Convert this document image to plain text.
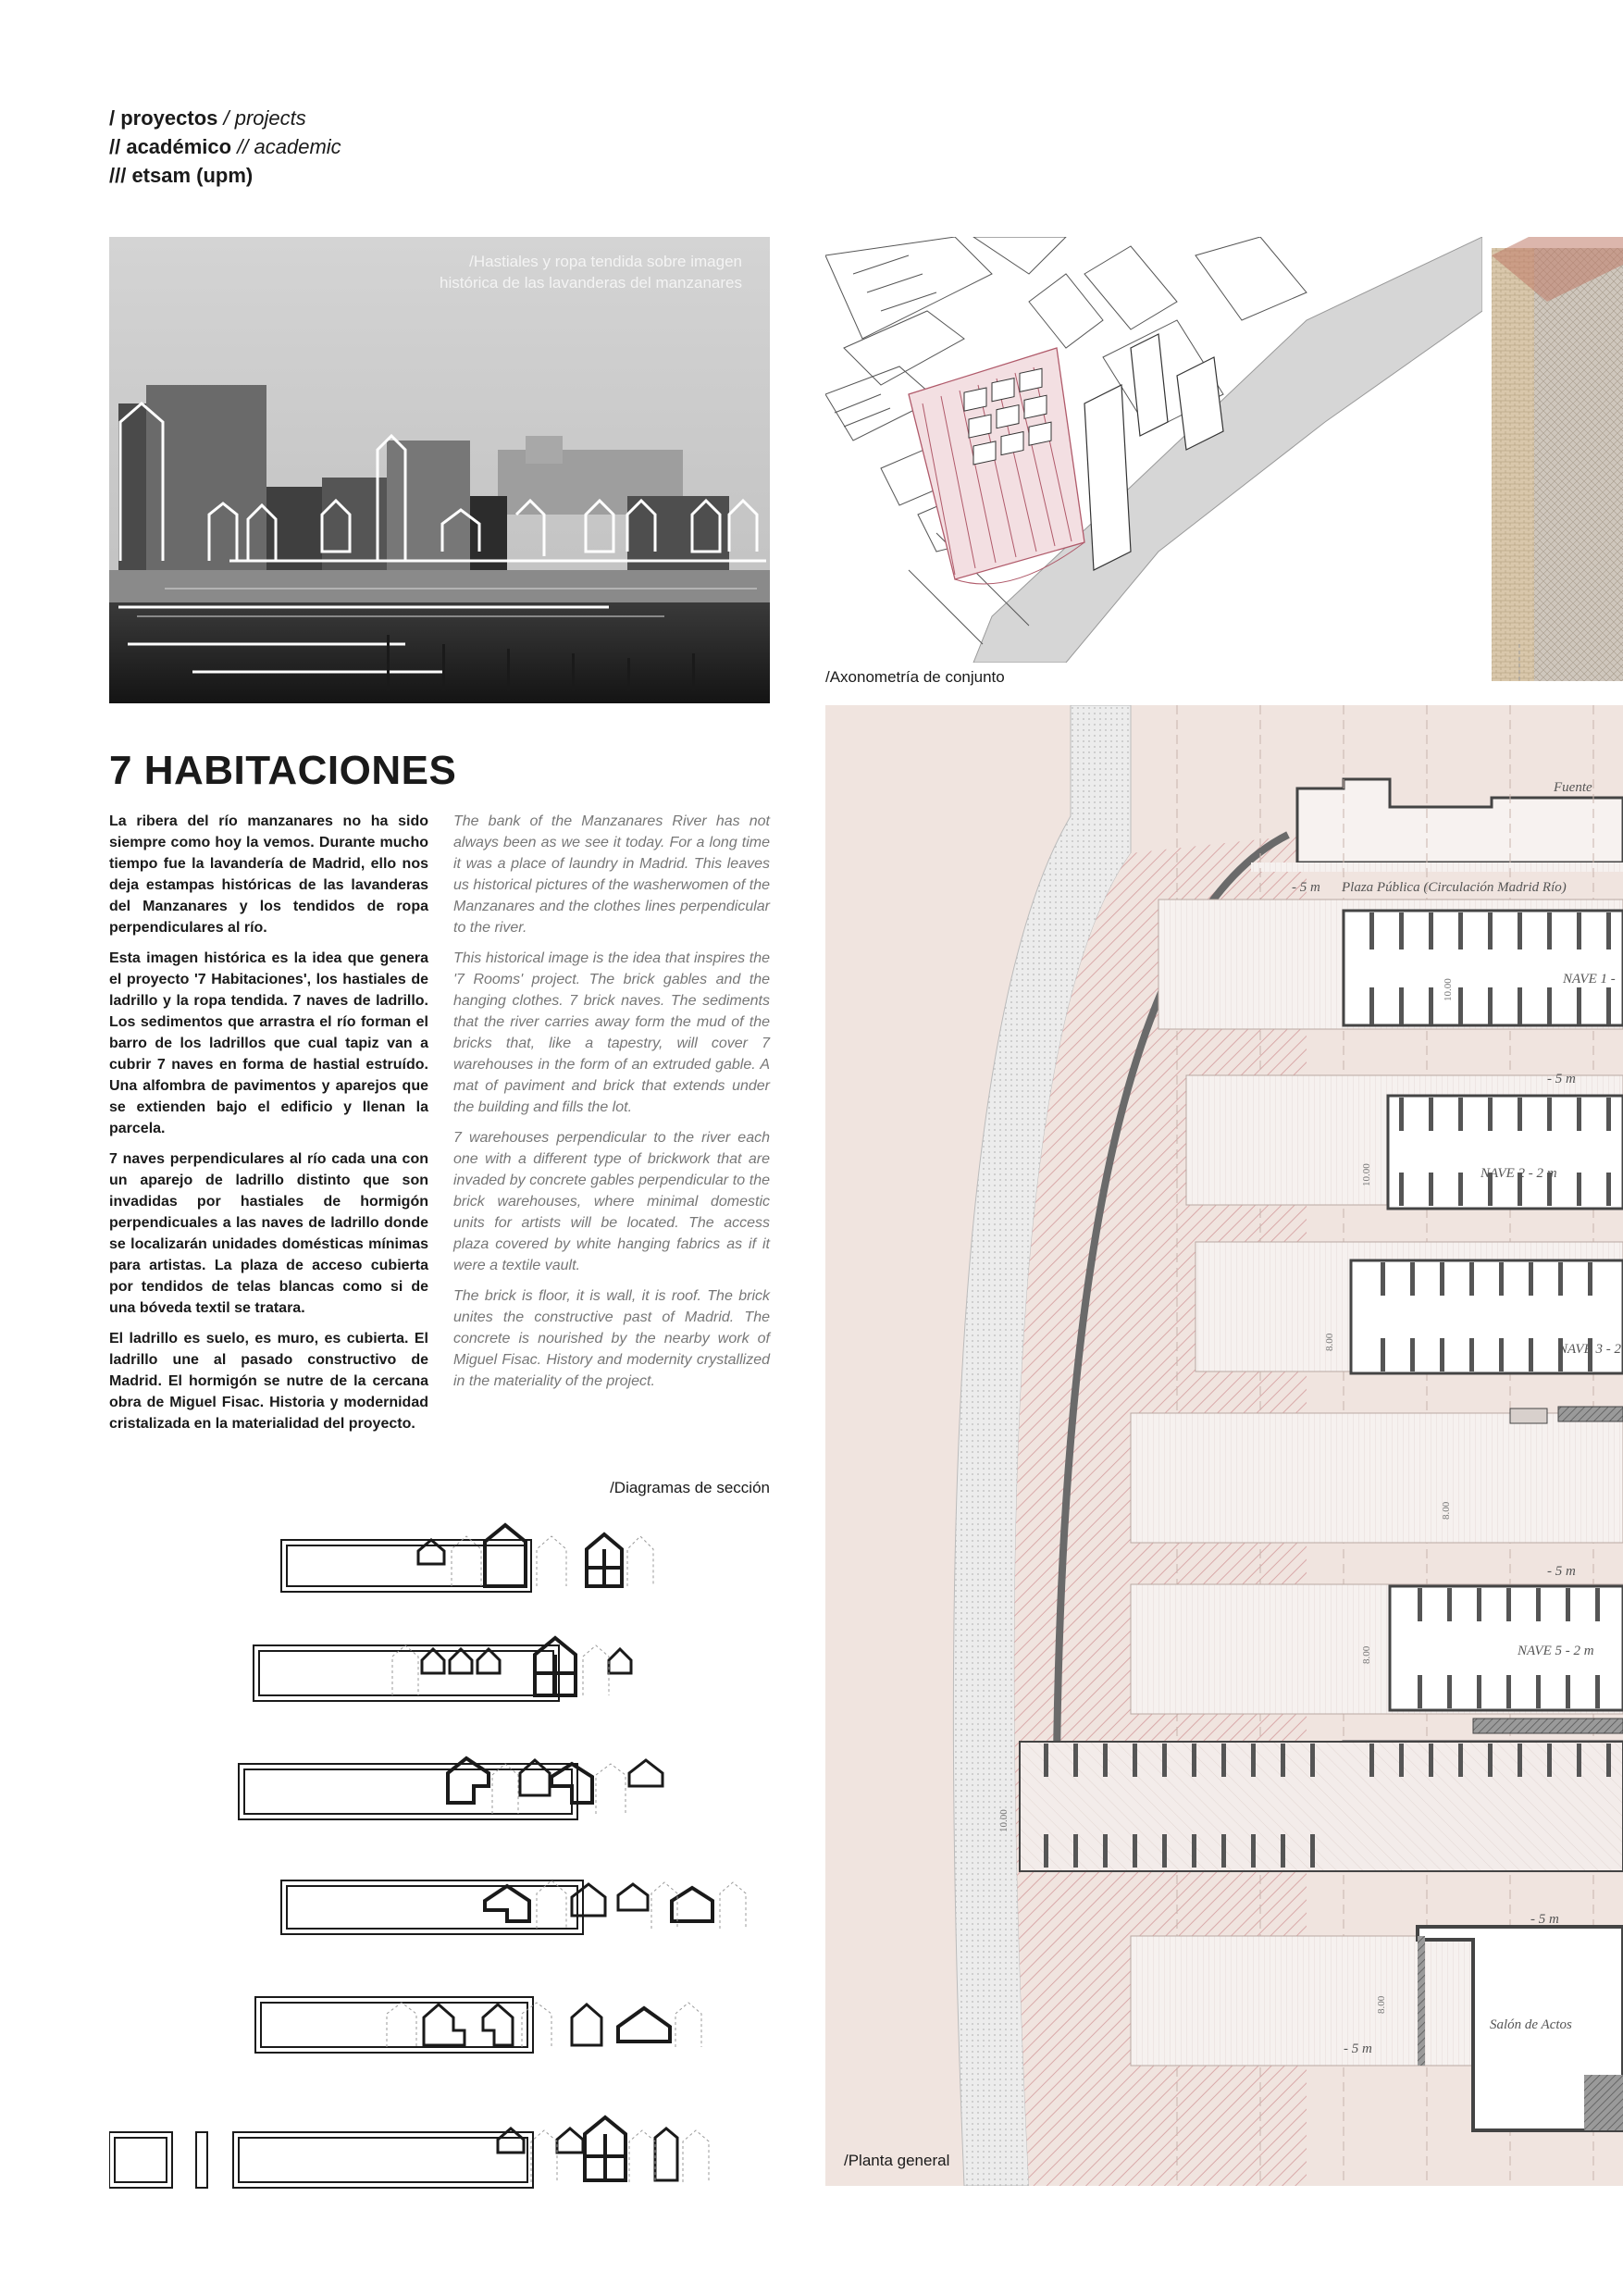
/ proyectos / projects
// académico // academic
/// etsam (upm)
/Hastiales y ropa tendida sobre imagen histórica de las lavanderas del manzanares
/Axonometría de conjunto
7 HABITACIONES

La ribera del río manzanares no ha sido siempre como hoy la vemos. Durante mucho tiempo fue la lavandería de Madrid, ello nos deja estampas históricas de las lavanderas del Manzanares y los tendidos de ropa perpendiculares al río.

Esta imagen histórica es la idea que genera el proyecto '7 Habitaciones', los hastiales de ladrillo y la ropa tendida. 7 naves de ladrillo. Los sedimentos que arrastra el río forman el barro de los ladrillos que cual tapiz van a cubrir 7 naves en forma de hastial estruído. Una alfombra de pavimentos y aparejos que se extienden bajo el edificio y llenan la parcela.

7 naves perpendiculares al río cada una con un aparejo de ladrillo distinto que son invadidas por hastiales de hormigón perpendicuales a las naves de ladrillo donde se localizarán unidades domésticas mínimas para artistas. La plaza de acceso cubierta por tendidos de telas blancas como si de una bóveda textil se tratara.

El ladrillo es suelo, es muro, es cubierta. El ladrillo une al pasado constructivo de Madrid. El hormigón se nutre de la cercana obra de Miguel Fisac. Historia y modernidad cristalizada en la materialidad del proyecto.

The bank of the Manzanares River has not always been as we see it today. For a long time it was a place of laundry in Madrid. This leaves us historical pictures of the washerwomen of the Manzanares and the clothes lines perpendicular to the river.

This historical image is the idea that inspires the '7 Rooms' project. The brick gables and the hanging clothes. 7 brick naves. The sediments that the river carries away form the mud of the bricks that, like a tapestry, will cover 7 warehouses in the form of an extruded gable. A mat of paviment and brick that extends under the building and fills the lot.

7 warehouses perpendicular to the river each one with a different type of brickwork that are invaded by concrete gables perpendicular to the brick warehouses, where minimal domestic units for artists will be located. The access plaza covered by white hanging fabrics as if it were a textile vault.

The brick is floor, it is wall, it is roof. The brick unites the constructive past of Madrid. The concrete is nourished by the nearby work of Miguel Fisac. History and modernity crystallized in the materiality of the project.

/Diagramas de sección
Fuente
Plaza Pública (Circulación Madrid Río)
- 5 m
NAVE 1 -
NAVE 2 - 2 m
NAVE 3 - 2
NAVE 5 - 2 m
Salón de Actos
- 5 m
- 5 m
- 5 m
- 5 m
10.00
10.00
8.00
8.00
8.00
10.00
8.00
/Planta general
